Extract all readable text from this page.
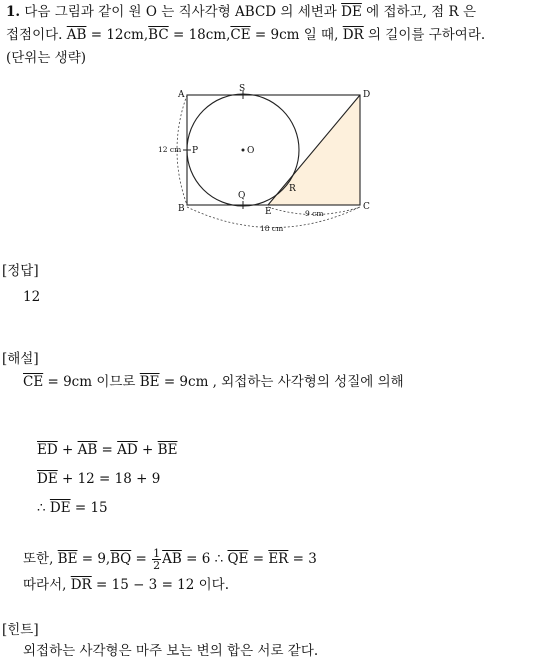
1. 다음 그림과 같이 원 O 는 직사각형 ABCD 의 세변과 $\overline{DE}$ 에 접하고, 점 R 은
접점이다. $\overline{AB} = 12cm,\overline{BC} = 18cm,\overline{CE} = 9cm$ 일 때, $\overline{DR}$ 의 길이를 구하여라.
(단위는 생략)
A
S
D
P	O
R
B
Q
E	C
12 cm
9 cm
18 cm
[정답]
12
[해설]
$\overline{CE} = 9cm$ 이므로 $\overline{BE} = 9cm$ , 외접하는 사각형의 성질에 의해
$\overline{ED} + \overline{AB} = \overline{AD} + \overline{BE}$
$\overline{DE} + 12 = 18 + 9$
∴ $\overline{DE} = 15$
또한, $\overline{BE} = 9,\overline{BQ} = \frac{1}{2} \overline{AB} = 6$ ∴ $\overline{QE} = \overline{ER} = 3$
따라서, $\overline{DR} = 15 - 3 = 12$ 이다.
[힌트]
외접하는 사각형은 마주 보는 변의 합은 서로 같다.
